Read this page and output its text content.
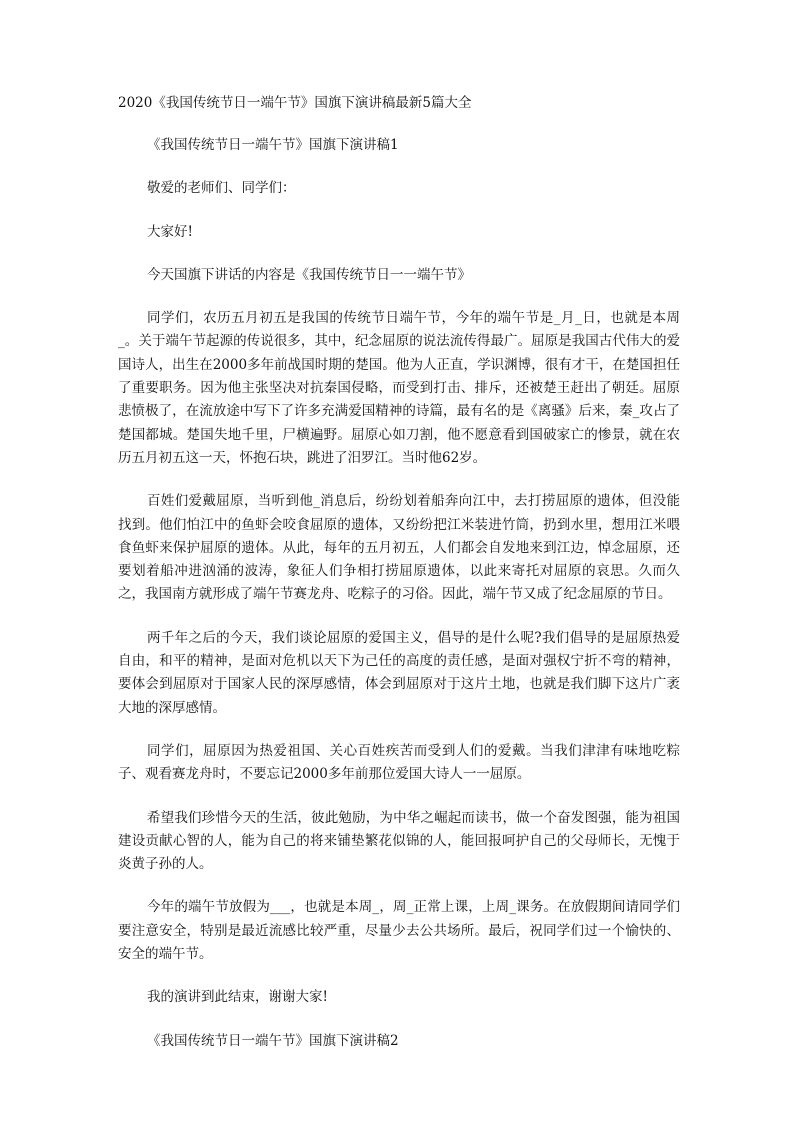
2020《我国传统节日一端午节》国旗下演讲稿最新5篇大全

《我国传统节日一端午节》国旗下演讲稿1

敬爱的老师们、同学们：

大家好!

今天国旗下讲话的内容是《我国传统节日一一端午节》

同学们，农历五月初五是我国的传统节日端午节，今年的端午节是_月_日，也就是本周_。关于端午节起源的传说很多，其中，纪念屈原的说法流传得最广。屈原是我国古代伟大的爱国诗人，出生在2000多年前战国时期的楚国。他为人正直，学识渊博，很有才干，在楚国担任了重要职务。因为他主张坚决对抗秦国侵略，而受到打击、排斥，还被楚王赶出了朝廷。屈原悲愤极了，在流放途中写下了许多充满爱国精神的诗篇，最有名的是《离骚》后来，秦_攻占了楚国都城。楚国失地千里，尸横遍野。屈原心如刀割，他不愿意看到国破家亡的惨景，就在农历五月初五这一天，怀抱石块，跳进了汨罗江。当时他62岁。

百姓们爱戴屈原，当听到他_消息后，纷纷划着船奔向江中，去打捞屈原的遗体，但没能找到。他们怕江中的鱼虾会咬食屈原的遗体，又纷纷把江米装进竹筒，扔到水里，想用江米喂食鱼虾来保护屈原的遗体。从此，每年的五月初五，人们都会自发地来到江边，悼念屈原，还要划着船冲进汹涌的波涛，象征人们争相打捞屈原遗体，以此来寄托对屈原的哀思。久而久之，我国南方就形成了端午节赛龙舟、吃粽子的习俗。因此，端午节又成了纪念屈原的节日。

两千年之后的今天，我们谈论屈原的爱国主义，倡导的是什么呢?我们倡导的是屈原热爱自由，和平的精神，是面对危机以天下为己任的高度的责任感，是面对强权宁折不弯的精神，要体会到屈原对于国家人民的深厚感情，体会到屈原对于这片土地，也就是我们脚下这片广袤大地的深厚感情。

同学们，屈原因为热爱祖国、关心百姓疾苦而受到人们的爱戴。当我们津津有味地吃粽子、观看赛龙舟时，不要忘记2000多年前那位爱国大诗人一一屈原。

希望我们珍惜今天的生活，彼此勉励，为中华之崛起而读书，做一个奋发图强，能为祖国建设贡献心智的人，能为自己的将来铺垫繁花似锦的人，能回报呵护自己的父母师长，无愧于炎黄子孙的人。

今年的端午节放假为___，也就是本周_，周_正常上课，上周_课务。在放假期间请同学们要注意安全，特别是最近流感比较严重，尽量少去公共场所。最后，祝同学们过一个愉快的、安全的端午节。

我的演讲到此结束，谢谢大家!

《我国传统节日一端午节》国旗下演讲稿2
